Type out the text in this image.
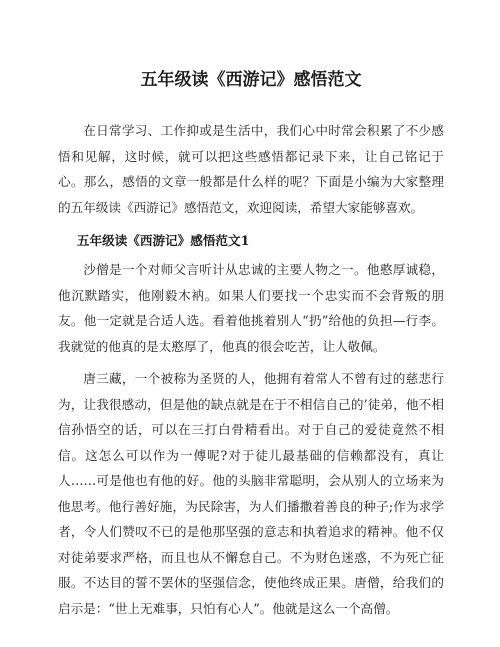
五年级读《西游记》感悟范文

在日常学习、工作抑或是生活中，我们心中时常会积累了不少感悟和见解，这时候，就可以把这些感悟都记录下来，让自己铭记于心。那么，感悟的文章一般都是什么样的呢？下面是小编为大家整理的五年级读《西游记》感悟范文，欢迎阅读，希望大家能够喜欢。

五年级读《西游记》感悟范文1

沙僧是一个对师父言听计从忠诚的主要人物之一。他憨厚诚稳，他沉默踏实，他刚毅木衲。如果人们要找一个忠实而不会背叛的朋友。他一定就是合适人选。看着他挑着别人“扔”给他的负担—行李。我就觉的他真的是太憨厚了，他真的很会吃苦，让人敬佩。

唐三藏，一个被称为圣贤的人，他拥有着常人不曾有过的慈悲行为，让我很感动，但是他的缺点就是在于不相信自己的’徒弟，他不相信孙悟空的话，可以在三打白骨精看出。对于自己的爱徒竟然不相信。这怎么可以作为一傅呢?对于徒儿最基础的信赖都没有，真让人……可是他也有他的好。他的头脑非常聪明，会从别人的立场来为他思考。他行善好施，为民除害，为人们播撒着善良的种子;作为求学者，令人们赞叹不已的是他那坚强的意志和执着追求的精神。他不仅对徒弟要求严格，而且也从不懈怠自己。不为财色迷惑，不为死亡征服。不达目的誓不罢休的坚强信念，使他终成正果。唐僧，给我们的启示是：“世上无难事，只怕有心人”。他就是这么一个高僧。
